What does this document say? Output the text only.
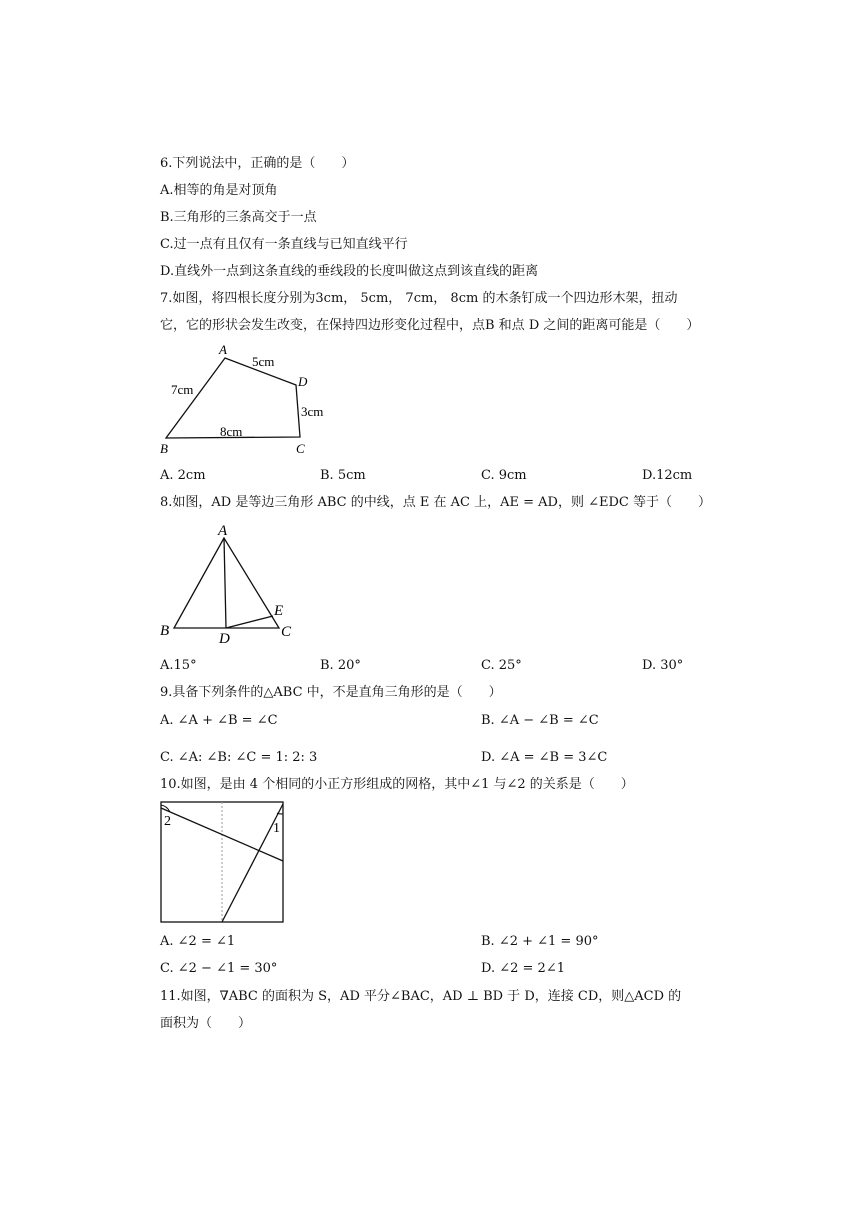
6.下列说法中，正确的是（　　）
A.相等的角是对顶角
B.三角形的三条高交于一点
C.过一点有且仅有一条直线与已知直线平行
D.直线外一点到这条直线的垂线段的长度叫做这点到该直线的距离
7.如图，将四根长度分别为3cm， 5cm， 7cm， 8cm 的木条钉成一个四边形木架，扭动
它，它的形状会发生改变，在保持四边形变化过程中，点B 和点 D 之间的距离可能是（　　）
A
B	C
D
5cm
7cm
3cm
8cm
A. 2cm	B. 5cm	C. 9cm	D.12cm
8.如图，AD 是等边三角形 ABC 的中线，点 E 在 AC 上，AE = AD，则 ∠EDC 等于（　　）
A
B	C
D
E
A.15°	B. 20°	C. 25°	D. 30°
9.具备下列条件的△ABC 中，不是直角三角形的是（　　）
A. ∠A + ∠B = ∠C	B. ∠A − ∠B = ∠C
C. ∠A: ∠B: ∠C = 1: 2: 3	D. ∠A = ∠B = 3∠C
10.如图，是由 4 个相同的小正方形组成的网格，其中∠1 与∠2 的关系是（　　）
2	1
A. ∠2 = ∠1	B. ∠2 + ∠1 = 90°
C. ∠2 − ∠1 = 30°	D. ∠2 = 2∠1
11.如图，∇ABC 的面积为 S，AD 平分∠BAC，AD ⊥ BD 于 D，连接 CD，则△ACD 的
面积为（　　）
